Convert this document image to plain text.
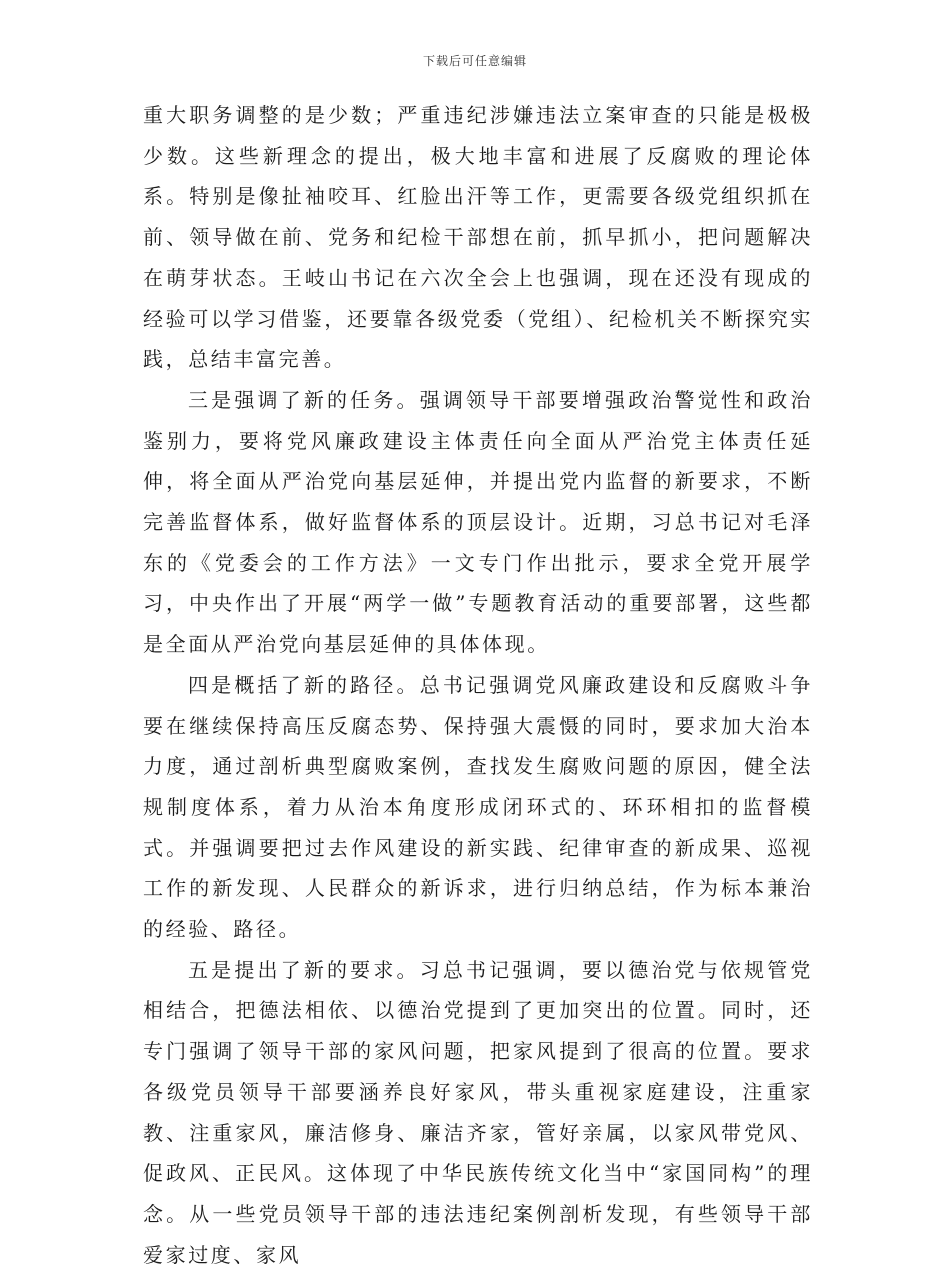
下载后可任意编辑

重大职务调整的是少数；严重违纪涉嫌违法立案审查的只能是极极少数。这些新理念的提出，极大地丰富和进展了反腐败的理论体系。特别是像扯袖咬耳、红脸出汗等工作，更需要各级党组织抓在前、领导做在前、党务和纪检干部想在前，抓早抓小，把问题解决在萌芽状态。王岐山书记在六次全会上也强调，现在还没有现成的经验可以学习借鉴，还要靠各级党委（党组）、纪检机关不断探究实践，总结丰富完善。

三是强调了新的任务。强调领导干部要增强政治警觉性和政治鉴别力，要将党风廉政建设主体责任向全面从严治党主体责任延伸，将全面从严治党向基层延伸，并提出党内监督的新要求，不断完善监督体系，做好监督体系的顶层设计。近期，习总书记对毛泽东的《党委会的工作方法》一文专门作出批示，要求全党开展学习，中央作出了开展“两学一做”专题教育活动的重要部署，这些都是全面从严治党向基层延伸的具体体现。

四是概括了新的路径。总书记强调党风廉政建设和反腐败斗争要在继续保持高压反腐态势、保持强大震慑的同时，要求加大治本力度，通过剖析典型腐败案例，查找发生腐败问题的原因，健全法规制度体系，着力从治本角度形成闭环式的、环环相扣的监督模式。并强调要把过去作风建设的新实践、纪律审查的新成果、巡视工作的新发现、人民群众的新诉求，进行归纳总结，作为标本兼治的经验、路径。

五是提出了新的要求。习总书记强调，要以德治党与依规管党相结合，把德法相依、以德治党提到了更加突出的位置。同时，还专门强调了领导干部的家风问题，把家风提到了很高的位置。要求各级党员领导干部要涵养良好家风，带头重视家庭建设，注重家教、注重家风，廉洁修身、廉洁齐家，管好亲属，以家风带党风、促政风、正民风。这体现了中华民族传统文化当中“家国同构”的理念。从一些党员领导干部的违法违纪案例剖析发现，有些领导干部爱家过度、家风
